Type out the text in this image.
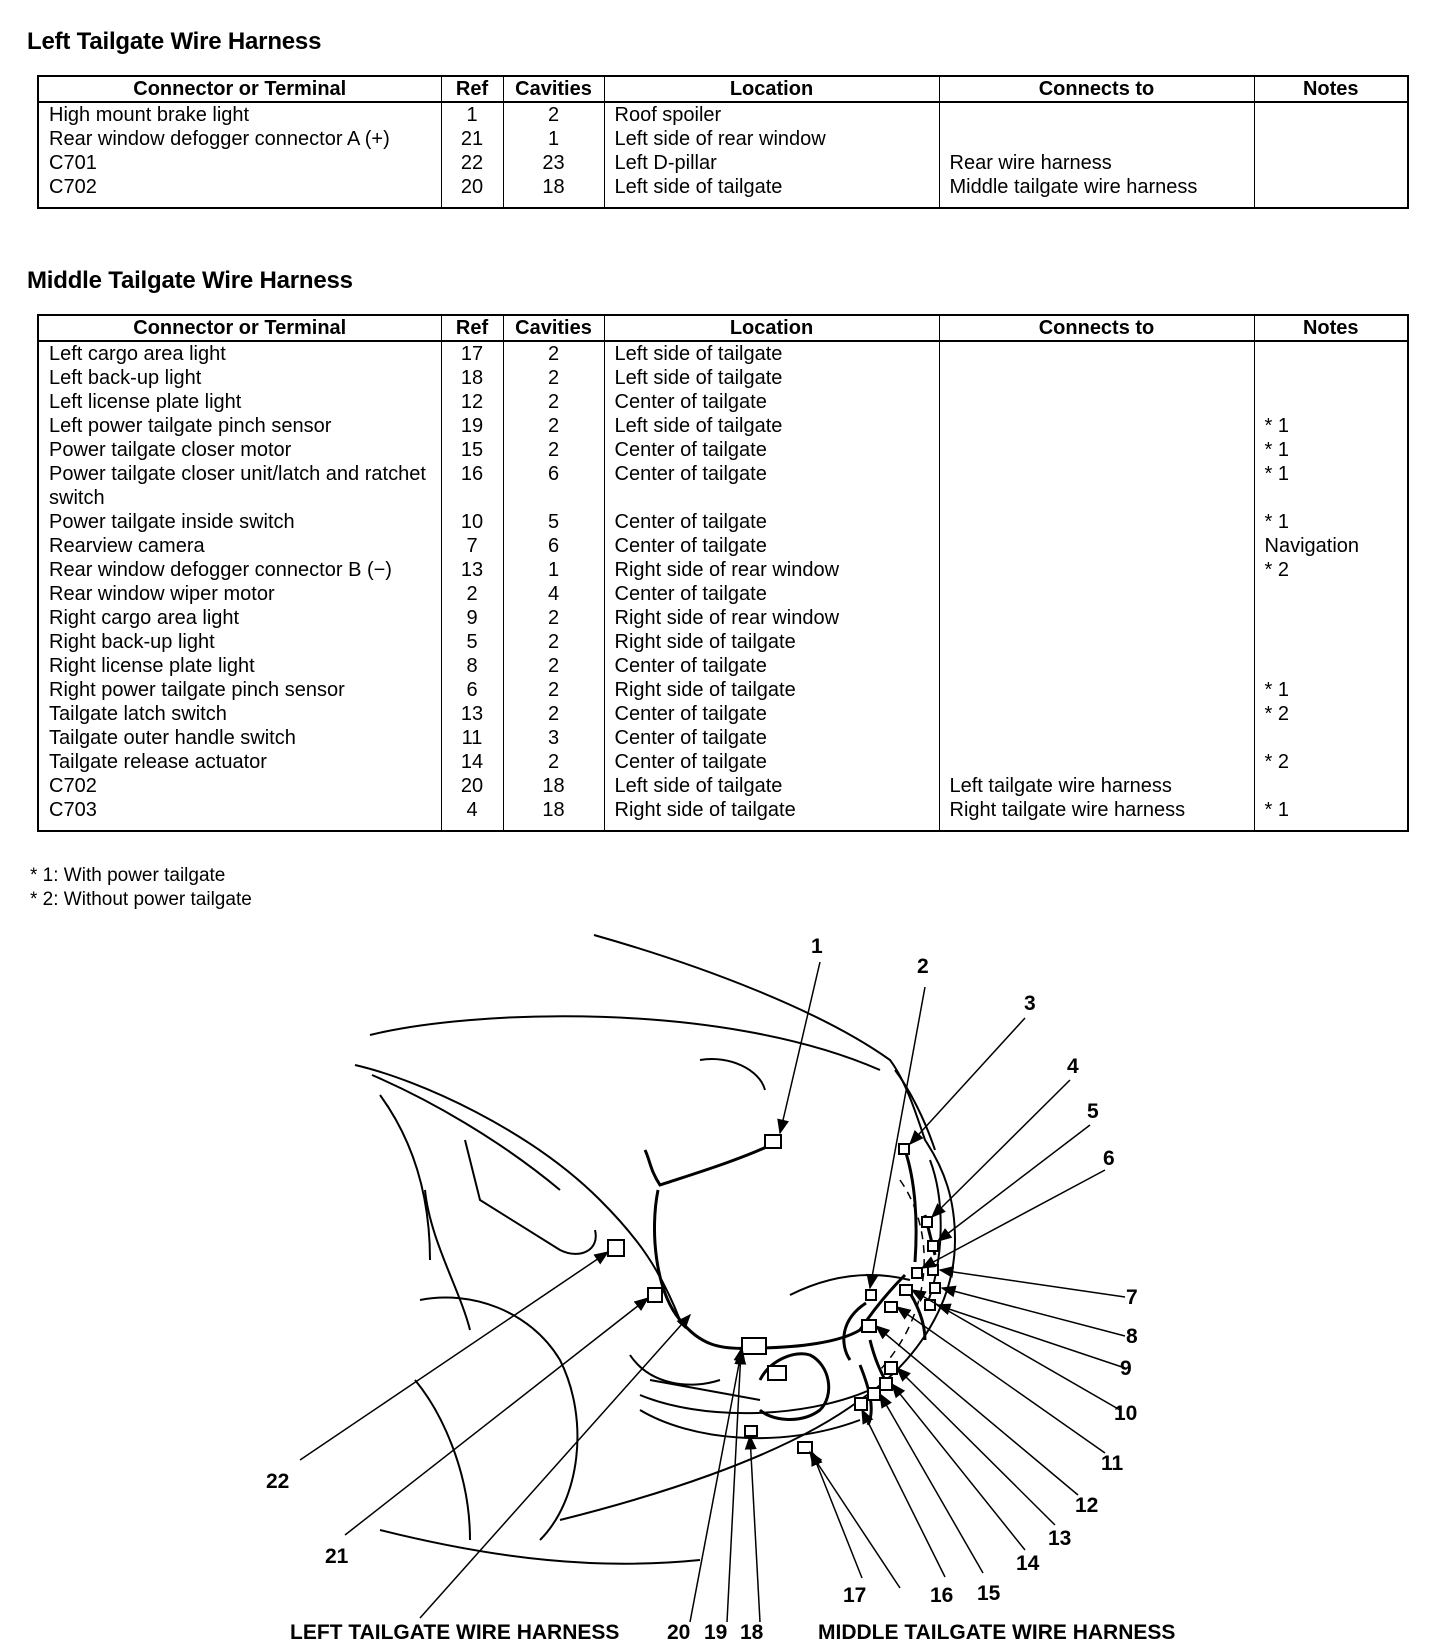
Left Tailgate Wire Harness
Connector or Terminal	Ref	Cavities	Location	Connects to	Notes
High mount brake light	1	2	Roof spoiler		
Rear window defogger connector A (+)	21	1	Left side of rear window		
C701	22	23	Left D-pillar	Rear wire harness	
C702	20	18	Left side of tailgate	Middle tailgate wire harness	

Middle Tailgate Wire Harness
Connector or Terminal	Ref	Cavities	Location	Connects to	Notes
Left cargo area light	17	2	Left side of tailgate		
Left back-up light	18	2	Left side of tailgate		
Left license plate light	12	2	Center of tailgate		
Left power tailgate pinch sensor	19	2	Left side of tailgate		* 1
Power tailgate closer motor	15	2	Center of tailgate		* 1
Power tailgate closer unit/latch and ratchet switch	16	6	Center of tailgate		* 1
Power tailgate inside switch	10	5	Center of tailgate		* 1
Rearview camera	7	6	Center of tailgate		Navigation
Rear window defogger connector B (−)	13	1	Right side of rear window		* 2
Rear window wiper motor	2	4	Center of tailgate		
Right cargo area light	9	2	Right side of rear window		
Right back-up light	5	2	Right side of tailgate		
Right license plate light	8	2	Center of tailgate		
Right power tailgate pinch sensor	6	2	Right side of tailgate		* 1
Tailgate latch switch	13	2	Center of tailgate		* 2
Tailgate outer handle switch	11	3	Center of tailgate		
Tailgate release actuator	14	2	Center of tailgate		* 2
C702	20	18	Left side of tailgate	Left tailgate wire harness	
C703	4	18	Right side of tailgate	Right tailgate wire harness	* 1

* 1: With power tailgate
* 2: Without power tailgate
1
2
3
4
5
6
7
8
9
10
11
12
13
14
15
16
17
18
19
20
21
22
LEFT TAILGATE WIRE HARNESS	MIDDLE TAILGATE WIRE HARNESS
